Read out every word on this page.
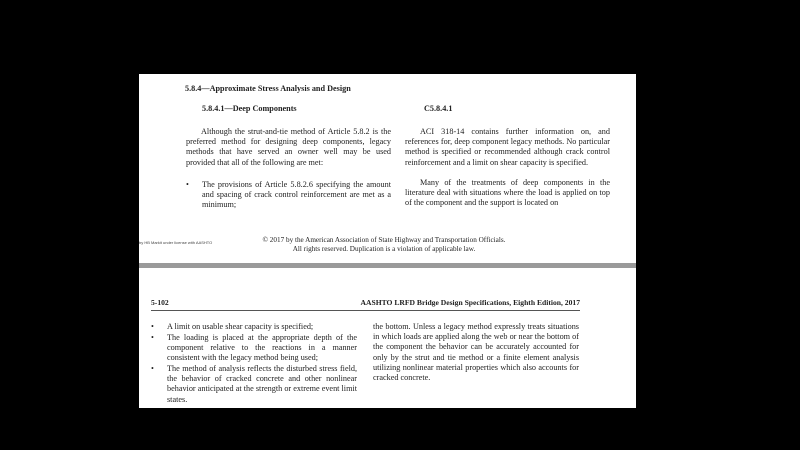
5.8.4—Approximate Stress Analysis and Design
5.8.4.1—Deep Components	C5.8.4.1
Although the strut-and-tie method of Article 5.8.2 is the preferred method for designing deep components, legacy methods that have served an owner well may be used provided that all of the following are met:
• The provisions of Article 5.8.2.6 specifying the amount and spacing of crack control reinforcement are met as a minimum;
ACI 318-14 contains further information on, and references for, deep component legacy methods. No particular method is specified or recommended although crack control reinforcement and a limit on shear capacity is specified.
Many of the treatments of deep components in the literature deal with situations where the load is applied on top of the component and the support is located on
by HB Markit under license with AASHTO	© 2017 by the American Association of State Highway and Transportation Officials.
All rights reserved. Duplication is a violation of applicable law.
5-102	AASHTO LRFD Bridge Design Specifications, Eighth Edition, 2017
• A limit on usable shear capacity is specified;
• The loading is placed at the appropriate depth of the component relative to the reactions in a manner consistent with the legacy method being used;
• The method of analysis reflects the disturbed stress field, the behavior of cracked concrete and other nonlinear behavior anticipated at the strength or extreme event limit states.
the bottom. Unless a legacy method expressly treats situations in which loads are applied along the web or near the bottom of the component the behavior can be accurately accounted for only by the strut and tie method or a finite element analysis utilizing nonlinear material properties which also accounts for cracked concrete.
